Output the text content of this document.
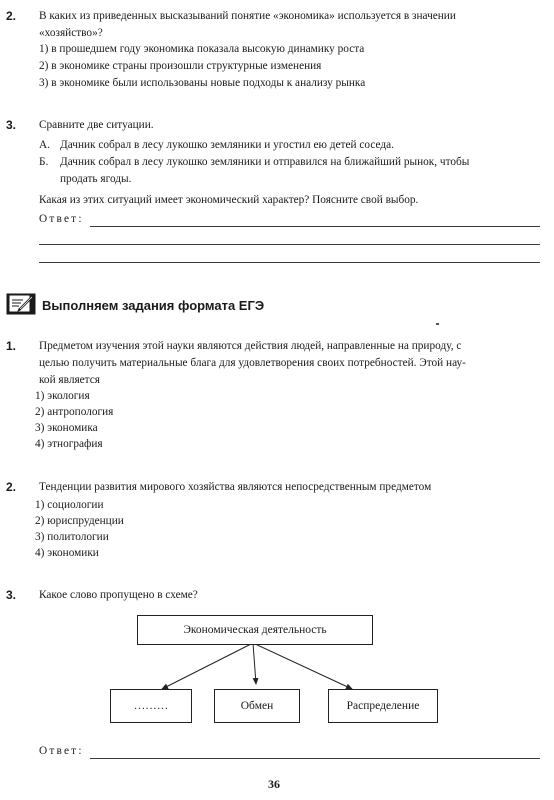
2. В каких из приведенных высказываний понятие «экономика» используется в значении
«хозяйство»?
1) в прошедшем году экономика показала высокую динамику роста
2) в экономике страны произошли структурные изменения
3) в экономике были использованы новые подходы к анализу рынка
3. Сравните две ситуации.
А. Дачник собрал в лесу лукошко земляники и угостил ею детей соседа.
Б. Дачник собрал в лесу лукошко земляники и отправился на ближайший рынок, чтобы
продать ягоды.
Какая из этих ситуаций имеет экономический характер? Поясните свой выбор.
Ответ:
Выполняем задания формата ЕГЭ
1. Предметом изучения этой науки являются действия людей, направленные на природу, с
целью получить материальные блага для удовлетворения своих потребностей. Этой нау-
кой является
1) экология
2) антропология
3) экономика
4) этнография
2. Тенденции развития мирового хозяйства являются непосредственным предметом
1) социологии
2) юриспруденции
3) политологии
4) экономики
3. Какое слово пропущено в схеме?
Экономическая деятельность
………	Обмен	Распределение
Ответ:
36
